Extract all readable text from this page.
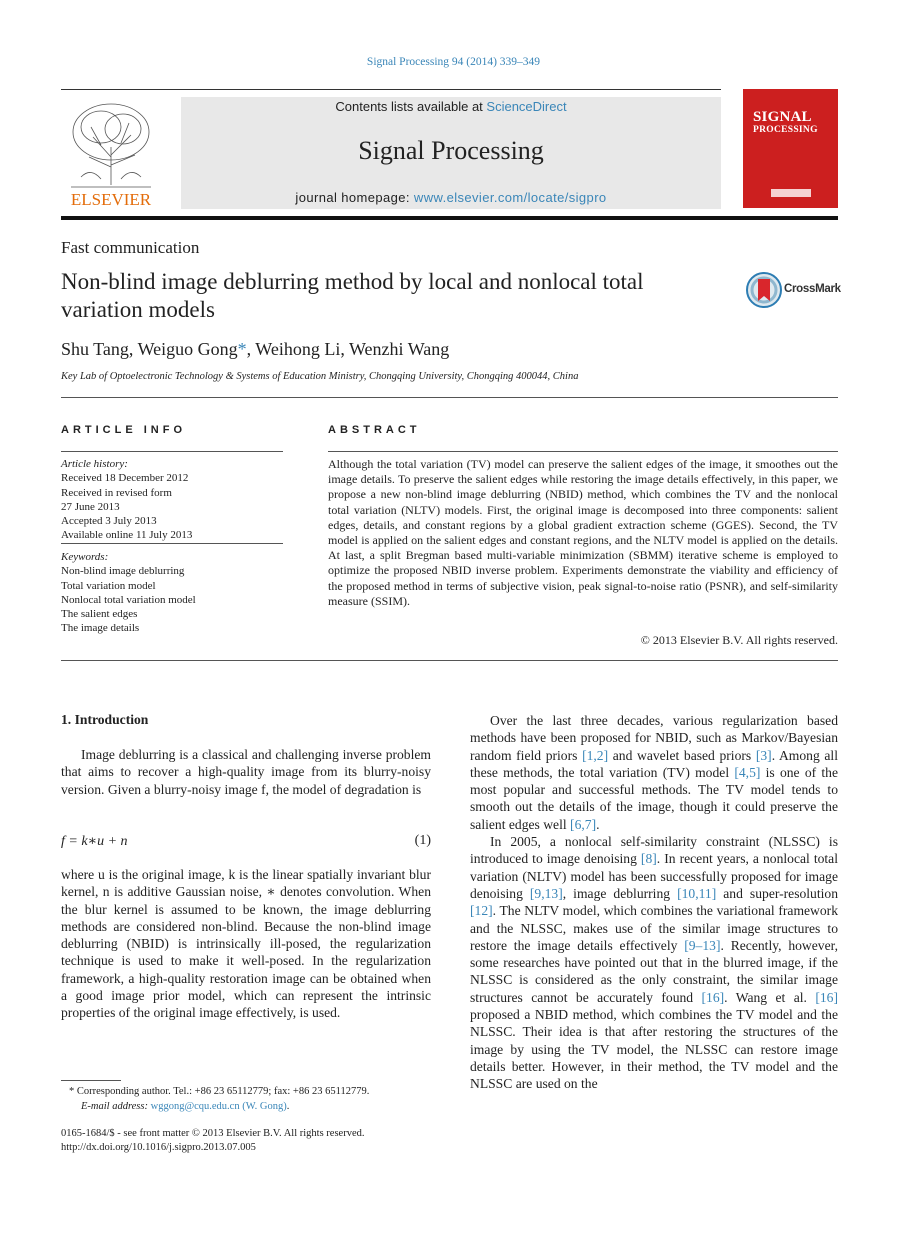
Signal Processing 94 (2014) 339–349
ELSEVIER
Contents lists available at ScienceDirect
Signal Processing
journal homepage: www.elsevier.com/locate/sigpro
SIGNAL
PROCESSING
Fast communication
Non-blind image deblurring method by local and nonlocal total variation models
CrossMark
Shu Tang, Weiguo Gong*, Weihong Li, Wenzhi Wang
Key Lab of Optoelectronic Technology & Systems of Education Ministry, Chongqing University, Chongqing 400044, China
ARTICLE INFO
Article history:
Received 18 December 2012
Received in revised form
27 June 2013
Accepted 3 July 2013
Available online 11 July 2013
Keywords:
Non-blind image deblurring
Total variation model
Nonlocal total variation model
The salient edges
The image details
ABSTRACT
Although the total variation (TV) model can preserve the salient edges of the image, it smoothes out the image details. To preserve the salient edges while restoring the image details effectively, in this paper, we propose a new non-blind image deblurring (NBID) method, which combines the TV and the nonlocal total variation (NLTV) models. First, the original image is decomposed into three components: salient edges, details, and constant regions by a global gradient extraction scheme (GGES). Second, the TV model is applied on the salient edges and constant regions, and the NLTV model is applied on the details. At last, a split Bregman based multi-variable minimization (SBMM) iterative scheme is employed to optimize the proposed NBID inverse problem. Experiments demonstrate the viability and efficiency of the proposed method in terms of subjective vision, peak signal-to-noise ratio (PSNR), and self-similarity measure (SSIM).
© 2013 Elsevier B.V. All rights reserved.
1. Introduction

Image deblurring is a classical and challenging inverse problem that aims to recover a high-quality image from its blurry-noisy version. Given a blurry-noisy image f, the model of degradation is

f = k∗u + n	(1)

where u is the original image, k is the linear spatially invariant blur kernel, n is additive Gaussian noise, ∗ denotes convolution. When the blur kernel is assumed to be known, the image deblurring methods are considered non-blind. Because the non-blind image deblurring (NBID) is intrinsically ill-posed, the regularization technique is used to make it well-posed. In the regularization framework, a high-quality restoration image can be obtained when a good image prior model, which can represent the intrinsic properties of the original image effectively, is used.

Over the last three decades, various regularization based methods have been proposed for NBID, such as Markov/Bayesian random field priors [1,2] and wavelet based priors [3]. Among all these methods, the total variation (TV) model [4,5] is one of the most popular and successful methods. The TV model tends to smooth out the details of the image, though it could preserve the salient edges well [6,7].

In 2005, a nonlocal self-similarity constraint (NLSSC) is introduced to image denoising [8]. In recent years, a nonlocal total variation (NLTV) model has been successfully proposed for image denoising [9,13], image deblurring [10,11] and super-resolution [12]. The NLTV model, which combines the variational framework and the NLSSC, makes use of the similar image structures to restore the image details effectively [9–13]. Recently, however, some researches have pointed out that in the blurred image, if the NLSSC is considered as the only constraint, the similar image structures cannot be accurately found [16]. Wang et al. [16] proposed a NBID method, which combines the TV model and the NLSSC. Their idea is that after restoring the structures of the image by using the TV model, the NLSSC can restore image details better. However, in their method, the TV model and the NLSSC are used on the

* Corresponding author. Tel.: +86 23 65112779; fax: +86 23 65112779.
E-mail address: wggong@cqu.edu.cn (W. Gong).
0165-1684/$ - see front matter © 2013 Elsevier B.V. All rights reserved.
http://dx.doi.org/10.1016/j.sigpro.2013.07.005
